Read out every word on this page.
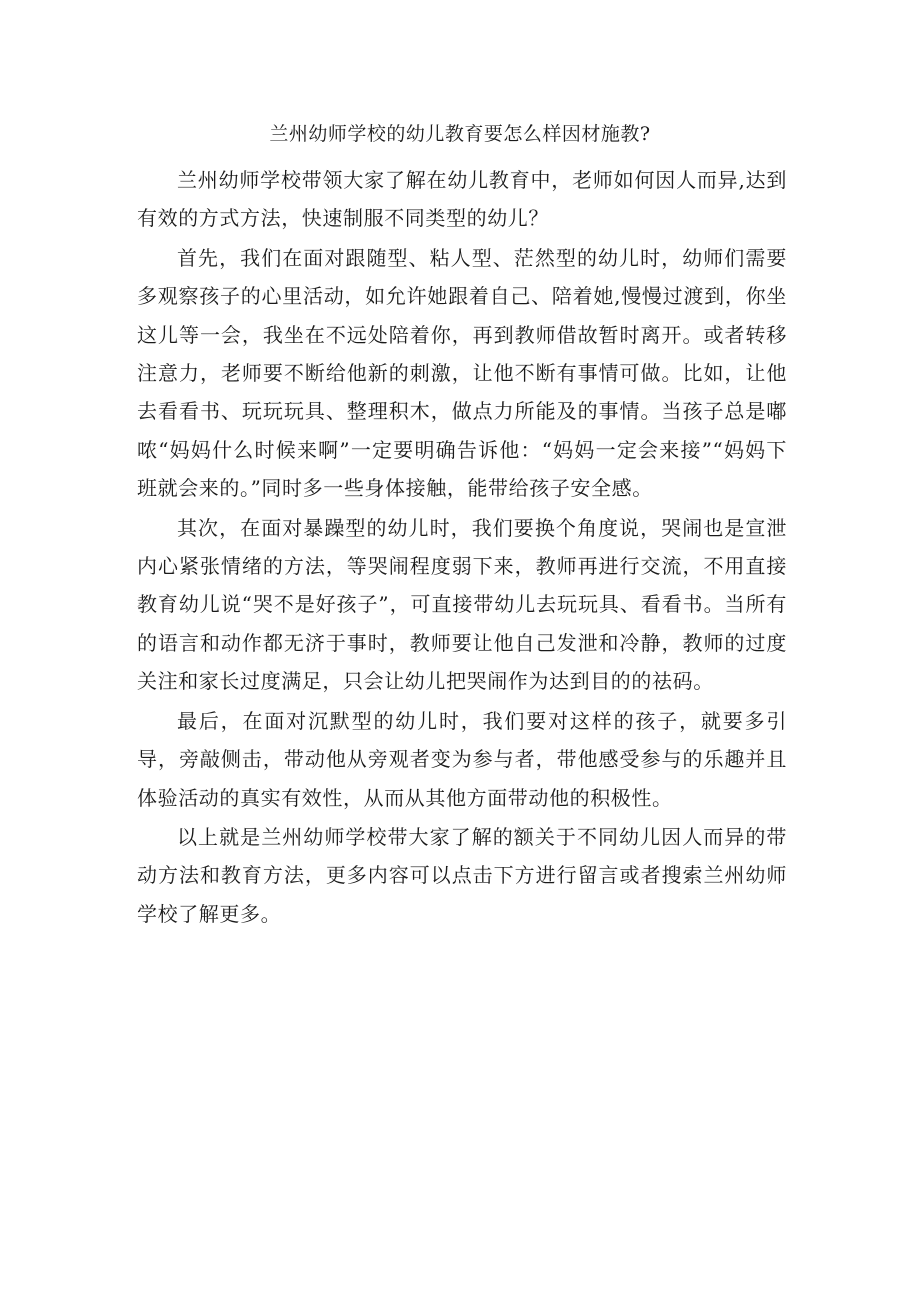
兰州幼师学校的幼儿教育要怎么样因材施教?

兰州幼师学校带领大家了解在幼儿教育中，老师如何因人而异,达到有效的方式方法，快速制服不同类型的幼儿？

首先，我们在面对跟随型、粘人型、茫然型的幼儿时，幼师们需要多观察孩子的心里活动，如允许她跟着自己、陪着她,慢慢过渡到，你坐这儿等一会，我坐在不远处陪着你，再到教师借故暂时离开。或者转移注意力，老师要不断给他新的刺激，让他不断有事情可做。比如，让他去看看书、玩玩玩具、整理积木，做点力所能及的事情。当孩子总是嘟哝“妈妈什么时候来啊”一定要明确告诉他：“妈妈一定会来接”“妈妈下班就会来的。”同时多一些身体接触，能带给孩子安全感。

其次，在面对暴躁型的幼儿时，我们要换个角度说，哭闹也是宣泄内心紧张情绪的方法，等哭闹程度弱下来，教师再进行交流，不用直接教育幼儿说“哭不是好孩子”，可直接带幼儿去玩玩具、看看书。当所有的语言和动作都无济于事时，教师要让他自己发泄和冷静，教师的过度关注和家长过度满足，只会让幼儿把哭闹作为达到目的的祛码。

最后，在面对沉默型的幼儿时，我们要对这样的孩子，就要多引导，旁敲侧击，带动他从旁观者变为参与者，带他感受参与的乐趣并且体验活动的真实有效性，从而从其他方面带动他的积极性。

以上就是兰州幼师学校带大家了解的额关于不同幼儿因人而异的带动方法和教育方法，更多内容可以点击下方进行留言或者搜索兰州幼师学校了解更多。
